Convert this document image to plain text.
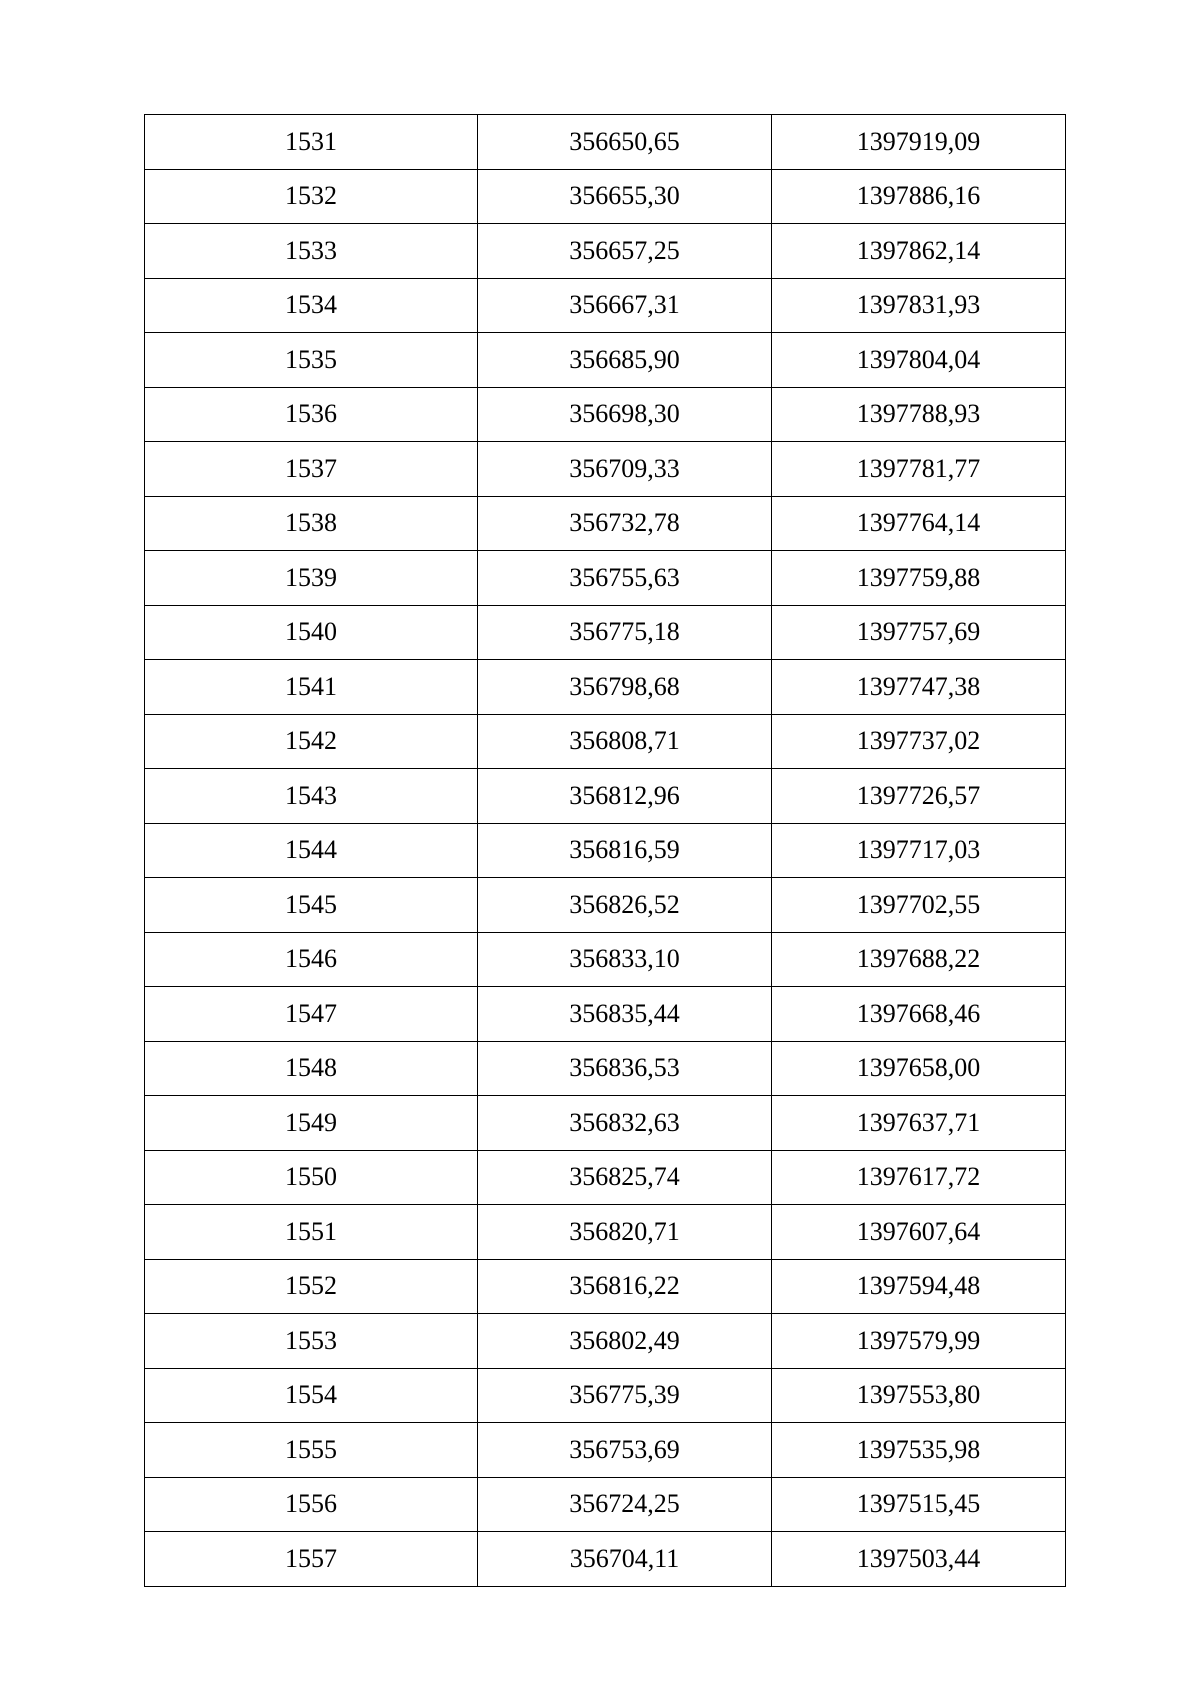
1531	356650,65	1397919,09
1532	356655,30	1397886,16
1533	356657,25	1397862,14
1534	356667,31	1397831,93
1535	356685,90	1397804,04
1536	356698,30	1397788,93
1537	356709,33	1397781,77
1538	356732,78	1397764,14
1539	356755,63	1397759,88
1540	356775,18	1397757,69
1541	356798,68	1397747,38
1542	356808,71	1397737,02
1543	356812,96	1397726,57
1544	356816,59	1397717,03
1545	356826,52	1397702,55
1546	356833,10	1397688,22
1547	356835,44	1397668,46
1548	356836,53	1397658,00
1549	356832,63	1397637,71
1550	356825,74	1397617,72
1551	356820,71	1397607,64
1552	356816,22	1397594,48
1553	356802,49	1397579,99
1554	356775,39	1397553,80
1555	356753,69	1397535,98
1556	356724,25	1397515,45
1557	356704,11	1397503,44
